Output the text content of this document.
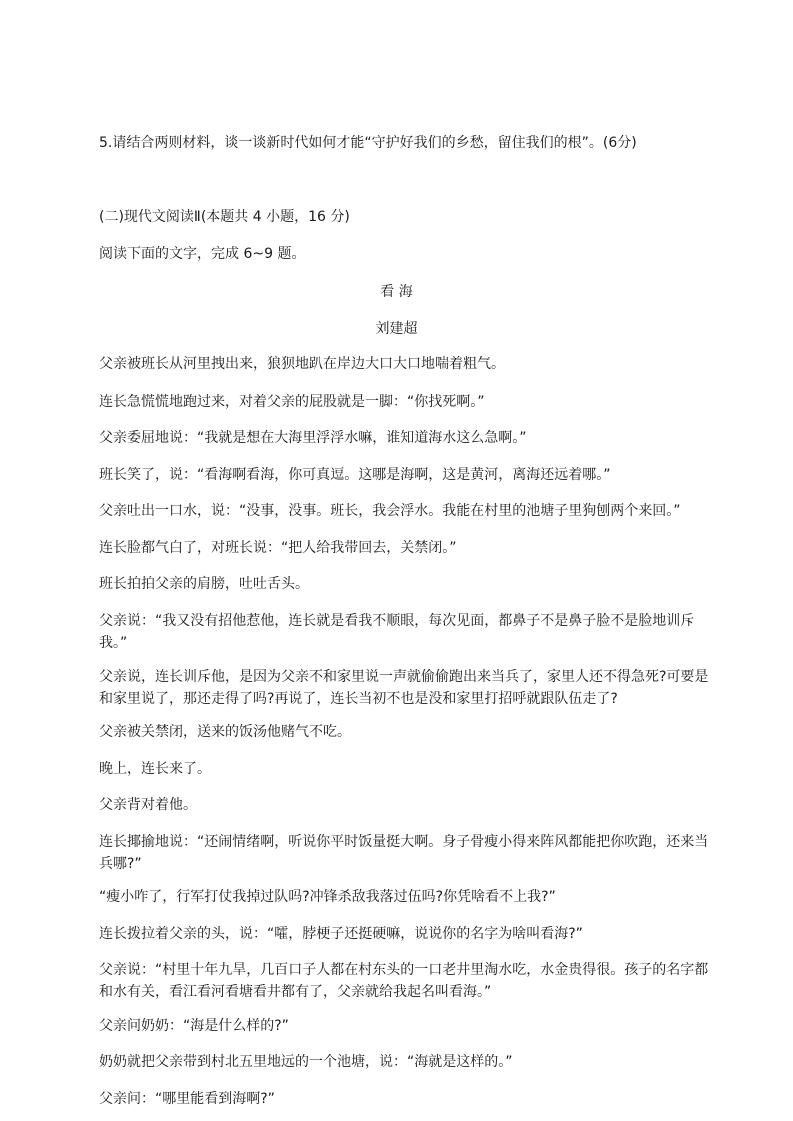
5.请结合两则材料，谈一谈新时代如何才能“守护好我们的乡愁，留住我们的根”。(6分)
(二)现代文阅读Ⅱ(本题共 4 小题，16 分)
阅读下面的文字，完成 6~9 题。
看 海
刘建超
父亲被班长从河里拽出来，狼狈地趴在岸边大口大口地喘着粗气。
连长急慌慌地跑过来，对着父亲的屁股就是一脚：“你找死啊。”
父亲委屈地说：“我就是想在大海里浮浮水嘛，谁知道海水这么急啊。”
班长笑了，说：“看海啊看海，你可真逗。这哪是海啊，这是黄河，离海还远着哪。”
父亲吐出一口水，说：“没事，没事。班长，我会浮水。我能在村里的池塘子里狗刨两个来回。”
连长脸都气白了，对班长说：“把人给我带回去，关禁闭。”
班长拍拍父亲的肩膀，吐吐舌头。
父亲说：“我又没有招他惹他，连长就是看我不顺眼，每次见面，都鼻子不是鼻子脸不是脸地训斥我。”
父亲说，连长训斥他，是因为父亲不和家里说一声就偷偷跑出来当兵了，家里人还不得急死?可要是和家里说了，那还走得了吗?再说了，连长当初不也是没和家里打招呼就跟队伍走了?
父亲被关禁闭，送来的饭汤他赌气不吃。
晚上，连长来了。
父亲背对着他。
连长揶揄地说：“还闹情绪啊，听说你平时饭量挺大啊。身子骨瘦小得来阵风都能把你吹跑，还来当兵哪?”
“瘦小咋了，行军打仗我掉过队吗?冲锋杀敌我落过伍吗?你凭啥看不上我?”
连长拨拉着父亲的头，说：“嚯，脖梗子还挺硬嘛，说说你的名字为啥叫看海?”
父亲说：“村里十年九旱，几百口子人都在村东头的一口老井里淘水吃，水金贵得很。孩子的名字都和水有关，看江看河看塘看井都有了，父亲就给我起名叫看海。”
父亲问奶奶：“海是什么样的?”
奶奶就把父亲带到村北五里地远的一个池塘，说：“海就是这样的。”
父亲问：“哪里能看到海啊?”
